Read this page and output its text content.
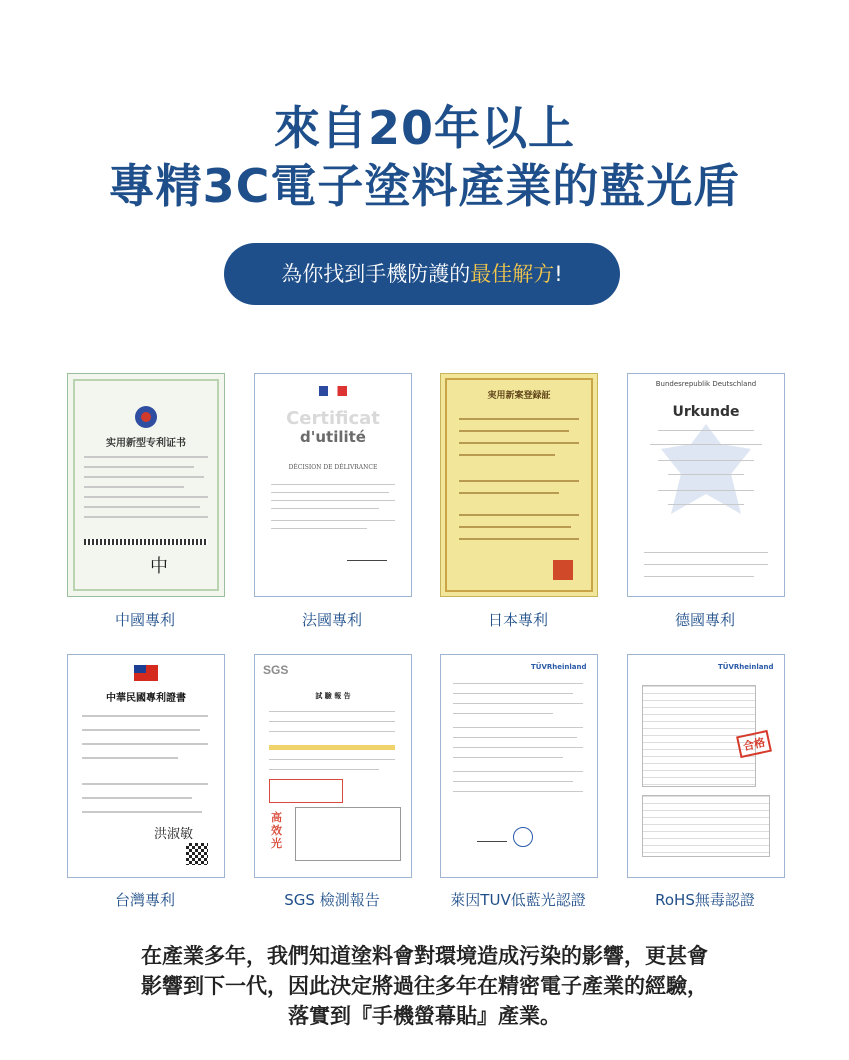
來自20年以上
專精3C電子塗料產業的藍光盾
為你找到手機防護的最佳解方!
实用新型专利证书
中
中國專利
Certificat
d'utilité
DÉCISION DE DÉLIVRANCE
法國專利
実用新案登録証
日本專利
Bundesrepublik Deutschland
Urkunde
德國專利
中華民國專利證書
洪淑敏
台灣專利
SGS
試 驗 報 告
高效光
SGS 檢測報告
TÜVRheinland
萊因TUV低藍光認證
TÜVRheinland
合格
RoHS無毒認證
在產業多年，我們知道塗料會對環境造成污染的影響，更甚會
影響到下一代，因此決定將過往多年在精密電子產業的經驗，
落實到『手機螢幕貼』產業。
